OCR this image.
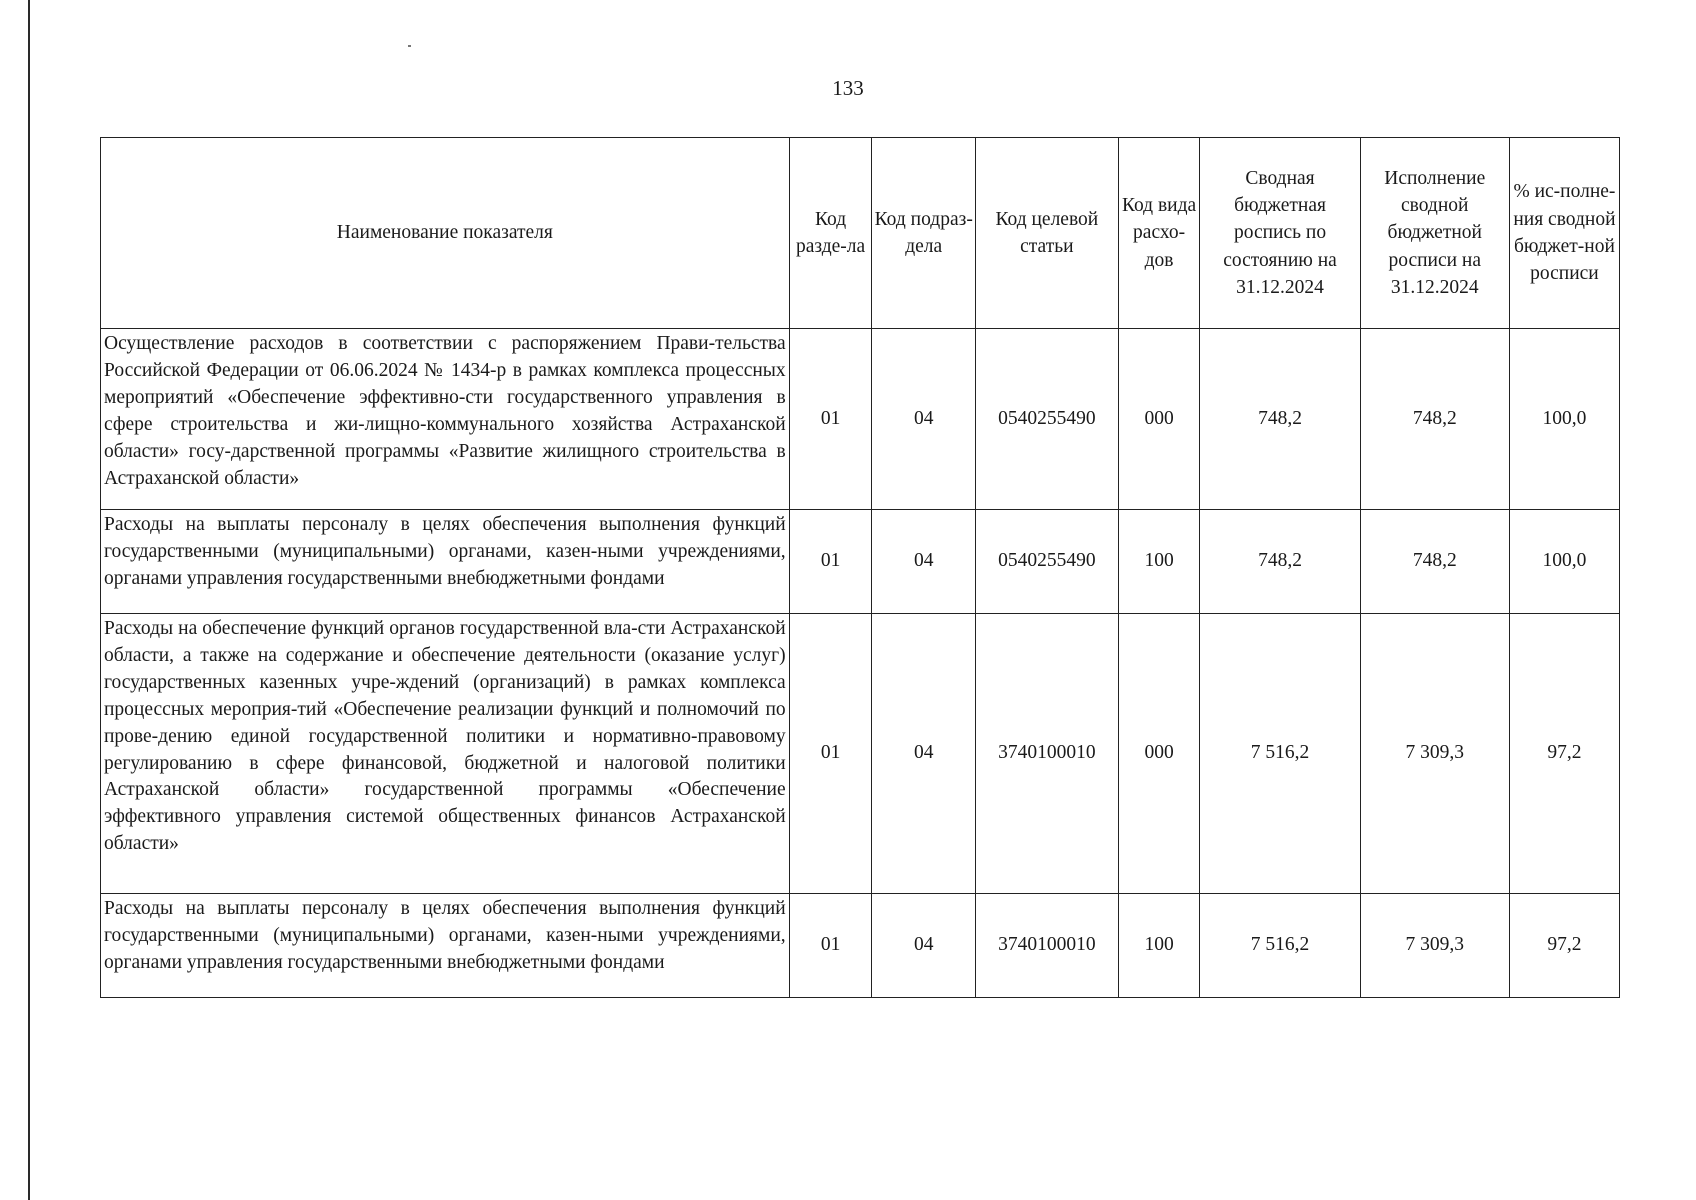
133
Наименование показателя	Код разде-ла	Код подраз-дела	Код целевой статьи	Код вида расхо-дов	Сводная бюджетная роспись по состоянию на 31.12.2024	Исполнение сводной бюджетной росписи на 31.12.2024	% ис-полне-ния сводной бюджет-ной росписи
Осуществление расходов в соответствии с распоряжением Прави-тельства Российской Федерации от 06.06.2024 № 1434-р в рамках комплекса процессных мероприятий «Обеспечение эффективно-сти государственного управления в сфере строительства и жи-лищно-коммунального хозяйства Астраханской области» госу-дарственной программы «Развитие жилищного строительства в Астраханской области»	01	04	0540255490	000	748,2	748,2	100,0
Расходы на выплаты персоналу в целях обеспечения выполнения функций государственными (муниципальными) органами, казен-ными учреждениями, органами управления государственными внебюджетными фондами	01	04	0540255490	100	748,2	748,2	100,0
Расходы на обеспечение функций органов государственной вла-сти Астраханской области, а также на содержание и обеспечение деятельности (оказание услуг) государственных казенных учре-ждений (организаций) в рамках комплекса процессных мероприя-тий «Обеспечение реализации функций и полномочий по прове-дению единой государственной политики и нормативно-правовому регулированию в сфере финансовой, бюджетной и налоговой политики Астраханской области» государственной программы «Обеспечение эффективного управления системой общественных финансов Астраханской области»	01	04	3740100010	000	7 516,2	7 309,3	97,2
Расходы на выплаты персоналу в целях обеспечения выполнения функций государственными (муниципальными) органами, казен-ными учреждениями, органами управления государственными внебюджетными фондами	01	04	3740100010	100	7 516,2	7 309,3	97,2
